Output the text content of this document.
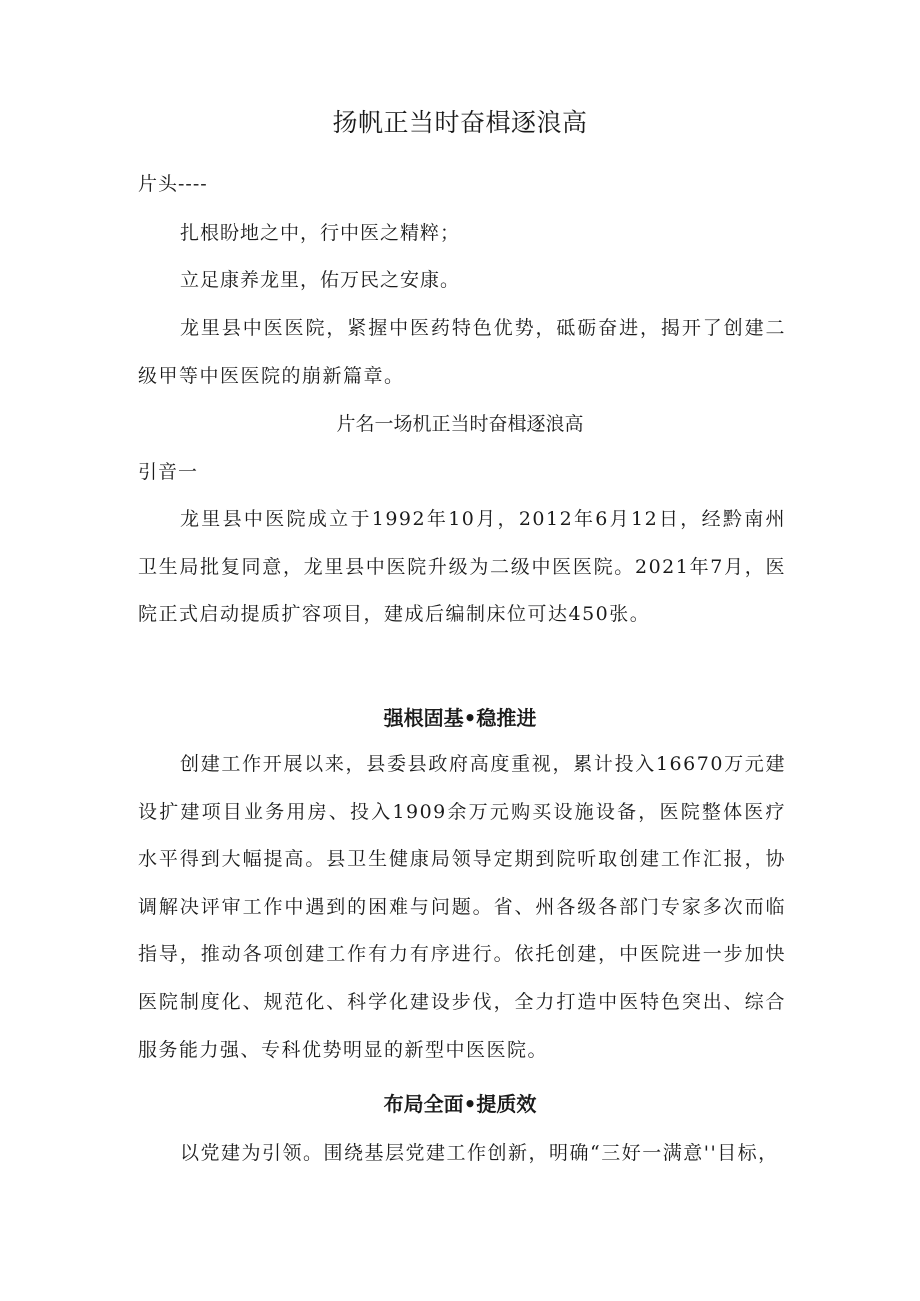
扬帆正当时奋楫逐浪高
片头----
扎根盼地之中，行中医之精粹；
立足康养龙里，佑万民之安康。

龙里县中医医院，紧握中医药特色优势，砥砺奋进，揭开了创建二级甲等中医医院的崩新篇章。

片名一场机正当时奋楫逐浪高
引音一

龙里县中医院成立于1992年10月，2012年6月12日，经黔南州卫生局批复同意，龙里县中医院升级为二级中医医院。2021年7月，医院正式启动提质扩容项目，建成后编制床位可达450张。

强根固基•稳推进

创建工作开展以来，县委县政府高度重视，累计投入16670万元建设扩建项目业务用房、投入1909余万元购买设施设备，医院整体医疗水平得到大幅提高。县卫生健康局领导定期到院听取创建工作汇报，协调解决评审工作中遇到的困难与问题。省、州各级各部门专家多次而临指导，推动各项创建工作有力有序进行。依托创建，中医院进一步加快医院制度化、规范化、科学化建设步伐，全力打造中医特色突出、综合服务能力强、专科优势明显的新型中医医院。

布局全面•提质效

以党建为引领。围绕基层党建工作创新，明确“三好一满意''目标，
